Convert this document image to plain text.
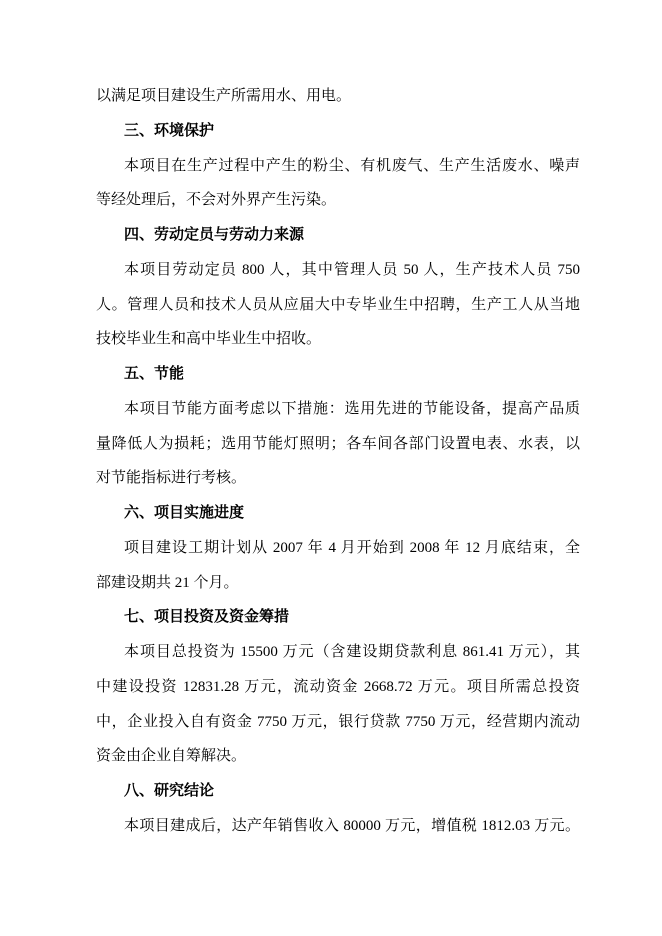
以满足项目建设生产所需用水、用电。

三、环境保护

本项目在生产过程中产生的粉尘、有机废气、生产生活废水、噪声

等经处理后，不会对外界产生污染。

四、劳动定员与劳动力来源

本项目劳动定员 800 人，其中管理人员 50 人，生产技术人员 750

人。管理人员和技术人员从应届大中专毕业生中招聘，生产工人从当地

技校毕业生和高中毕业生中招收。

五、节能

本项目节能方面考虑以下措施：选用先进的节能设备，提高产品质

量降低人为损耗；选用节能灯照明；各车间各部门设置电表、水表，以

对节能指标进行考核。

六、项目实施进度

项目建设工期计划从 2007 年 4 月开始到 2008 年 12 月底结束，全

部建设期共 21 个月。

七、项目投资及资金筹措

本项目总投资为 15500 万元（含建设期贷款利息 861.41 万元），其

中建设投资 12831.28 万元，流动资金 2668.72 万元。项目所需总投资

中，企业投入自有资金 7750 万元，银行贷款 7750 万元，经营期内流动

资金由企业自筹解决。

八、研究结论

本项目建成后，达产年销售收入 80000 万元，增值税 1812.03 万元。
